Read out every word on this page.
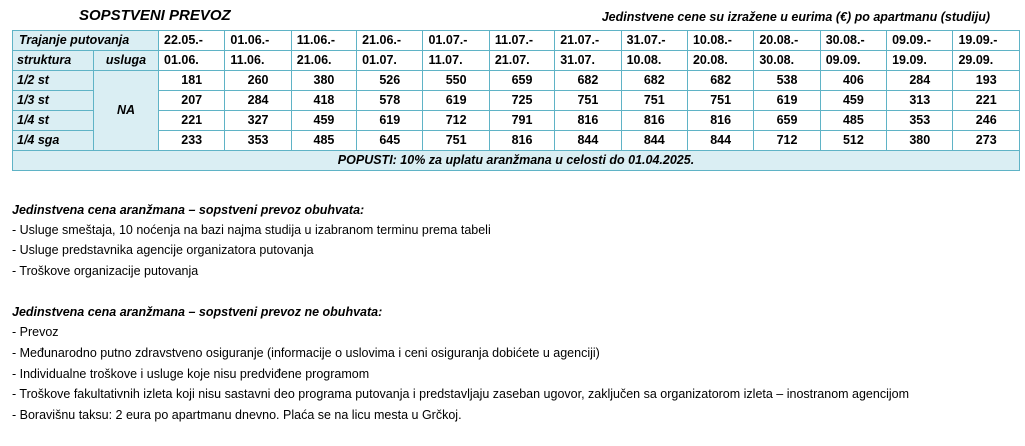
SOPSTVENI PREVOZ	Jedinstvene cene su izražene u eurima (€) po apartmanu (studiju)
Trajanje putovanja		22.05.-	01.06.-	11.06.-	21.06.-	01.07.-	11.07.-	21.07.-	31.07.-	10.08.-	20.08.-	30.08.-	09.09.-	19.09.-
struktura	usluga	01.06.	11.06.	21.06.	01.07.	11.07.	21.07.	31.07.	10.08.	20.08.	30.08.	09.09.	19.09.	29.09.
1/2 st	NA	181	260	380	526	550	659	682	682	682	538	406	284	193
1/3 st		207	284	418	578	619	725	751	751	751	619	459	313	221
1/4 st		221	327	459	619	712	791	816	816	816	659	485	353	246
1/4 sga		233	353	485	645	751	816	844	844	844	712	512	380	273
POPUSTI: 10% za uplatu aranžmana u celosti do 01.04.2025.														
Jedinstvena cena aranžmana – sopstveni prevoz obuhvata:
- Usluge smeštaja, 10 noćenja na bazi najma studija u izabranom terminu prema tabeli
- Usluge predstavnika agencije organizatora putovanja
- Troškove organizacije putovanja
Jedinstvena cena aranžmana – sopstveni prevoz ne obuhvata:
- Prevoz
- Međunarodno putno zdravstveno osiguranje (informacije o uslovima i ceni osiguranja dobićete u agenciji)
- Individualne troškove i usluge koje nisu predviđene programom
- Troškove fakultativnih izleta koji nisu sastavni deo programa putovanja i predstavljaju zaseban ugovor, zaključen sa organizatorom izleta – inostranom agencijom
- Boravišnu taksu: 2 eura po apartmanu dnevno. Plaća se na licu mesta u Grčkoj.
